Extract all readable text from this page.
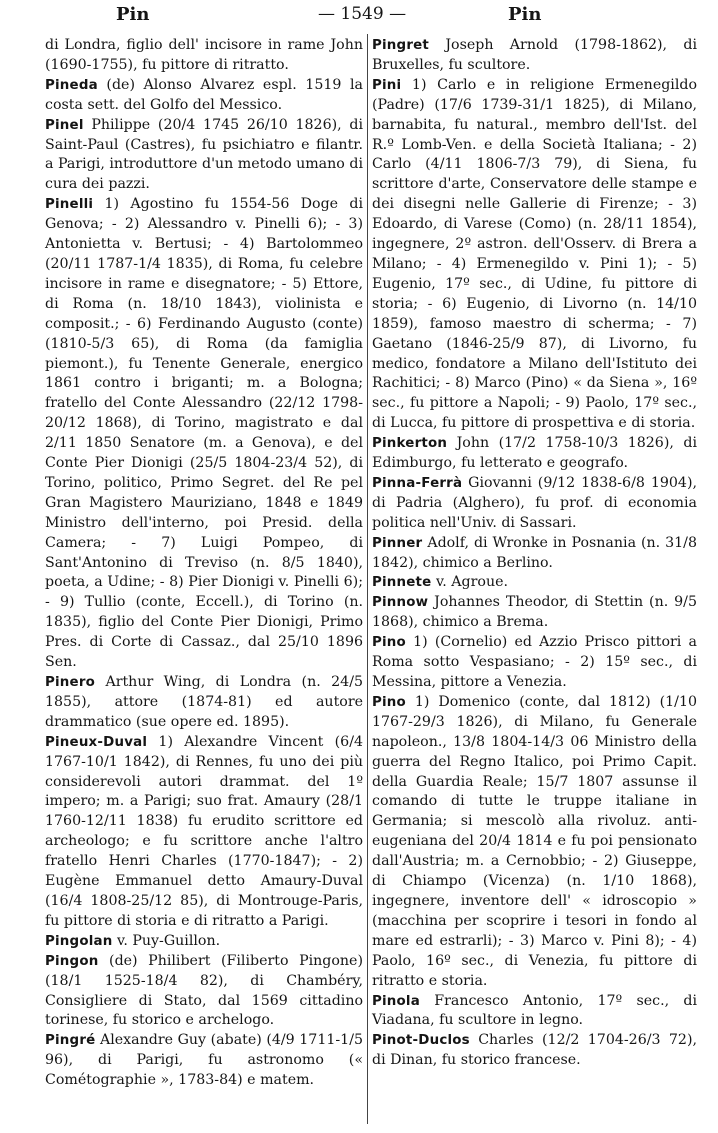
Pin	— 1549 —	Pin

di Londra, figlio dell' incisore in rame John (1690-1755), fu pittore di ritratto.

Pineda (de) Alonso Alvarez espl. 1519 la costa sett. del Golfo del Messico.

Pinel Philippe (20/4 1745 26/10 1826), di Saint-Paul (Castres), fu psichiatro e filantr. a Parigi, introduttore d'un metodo umano di cura dei pazzi.

Pinelli 1) Agostino fu 1554-56 Doge di Genova; - 2) Alessandro v. Pinelli 6); - 3) Antonietta v. Bertusi; - 4) Bartolommeo (20/11 1787-1/4 1835), di Roma, fu celebre incisore in rame e disegnatore; - 5) Ettore, di Roma (n. 18/10 1843), violinista e composit.; - 6) Ferdinando Augusto (conte) (1810-5/3 65), di Roma (da famiglia piemont.), fu Tenente Generale, energico 1861 contro i briganti; m. a Bologna; fratello del Conte Alessandro (22/12 1798-20/12 1868), di Torino, magistrato e dal 2/11 1850 Senatore (m. a Genova), e del Conte Pier Dionigi (25/5 1804-23/4 52), di Torino, politico, Primo Segret. del Re pel Gran Magistero Mauriziano, 1848 e 1849 Ministro dell'interno, poi Presid. della Camera; - 7) Luigi Pompeo, di Sant'Antonino di Treviso (n. 8/5 1840), poeta, a Udine; - 8) Pier Dionigi v. Pinelli 6); - 9) Tullio (conte, Eccell.), di Torino (n. 1835), figlio del Conte Pier Dionigi, Primo Pres. di Corte di Cassaz., dal 25/10 1896 Sen.

Pinero Arthur Wing, di Londra (n. 24/5 1855), attore (1874-81) ed autore drammatico (sue opere ed. 1895).

Pineux-Duval 1) Alexandre Vincent (6/4 1767-10/1 1842), di Rennes, fu uno dei più considerevoli autori drammat. del 1º impero; m. a Parigi; suo frat. Amaury (28/1 1760-12/11 1838) fu erudito scrittore ed archeologo; e fu scrittore anche l'altro fratello Henri Charles (1770-1847); - 2) Eugène Emmanuel detto Amaury-Duval (16/4 1808-25/12 85), di Montrouge-Paris, fu pittore di storia e di ritratto a Parigi.

Pingolan v. Puy-Guillon.

Pingon (de) Philibert (Filiberto Pingone) (18/1 1525-18/4 82), di Chambéry, Consigliere di Stato, dal 1569 cittadino torinese, fu storico e archelogo.

Pingré Alexandre Guy (abate) (4/9 1711-1/5 96), di Parigi, fu astronomo (« Cométographie », 1783-84) e matem.

Pingret Joseph Arnold (1798-1862), di Bruxelles, fu scultore.

Pini 1) Carlo e in religione Ermenegildo (Padre) (17/6 1739-31/1 1825), di Milano, barnabita, fu natural., membro dell'Ist. del R.º Lomb-Ven. e della Società Italiana; - 2) Carlo (4/11 1806-7/3 79), di Siena, fu scrittore d'arte, Conservatore delle stampe e dei disegni nelle Gallerie di Firenze; - 3) Edoardo, di Varese (Como) (n. 28/11 1854), ingegnere, 2º astron. dell'Osserv. di Brera a Milano; - 4) Ermenegildo v. Pini 1); - 5) Eugenio, 17º sec., di Udine, fu pittore di storia; - 6) Eugenio, di Livorno (n. 14/10 1859), famoso maestro di scherma; - 7) Gaetano (1846-25/9 87), di Livorno, fu medico, fondatore a Milano dell'Istituto dei Rachitici; - 8) Marco (Pino) « da Siena », 16º sec., fu pittore a Napoli; - 9) Paolo, 17º sec., di Lucca, fu pittore di prospettiva e di storia.

Pinkerton John (17/2 1758-10/3 1826), di Edimburgo, fu letterato e geografo.

Pinna-Ferrà Giovanni (9/12 1838-6/8 1904), di Padria (Alghero), fu prof. di economia politica nell'Univ. di Sassari.

Pinner Adolf, di Wronke in Posnania (n. 31/8 1842), chimico a Berlino.

Pinnete v. Agroue.

Pinnow Johannes Theodor, di Stettin (n. 9/5 1868), chimico a Brema.

Pino 1) (Cornelio) ed Azzio Prisco pittori a Roma sotto Vespasiano; - 2) 15º sec., di Messina, pittore a Venezia.

Pino 1) Domenico (conte, dal 1812) (1/10 1767-29/3 1826), di Milano, fu Generale napoleon., 13/8 1804-14/3 06 Ministro della guerra del Regno Italico, poi Primo Capit. della Guardia Reale; 15/7 1807 assunse il comando di tutte le truppe italiane in Germania; si mescolò alla rivoluz. anti-eugeniana del 20/4 1814 e fu poi pensionato dall'Austria; m. a Cernobbio; - 2) Giuseppe, di Chiampo (Vicenza) (n. 1/10 1868), ingegnere, inventore dell' « idroscopio » (macchina per scoprire i tesori in fondo al mare ed estrarli); - 3) Marco v. Pini 8); - 4) Paolo, 16º sec., di Venezia, fu pittore di ritratto e storia.

Pinola Francesco Antonio, 17º sec., di Viadana, fu scultore in legno.

Pinot-Duclos Charles (12/2 1704-26/3 72), di Dinan, fu storico francese.
